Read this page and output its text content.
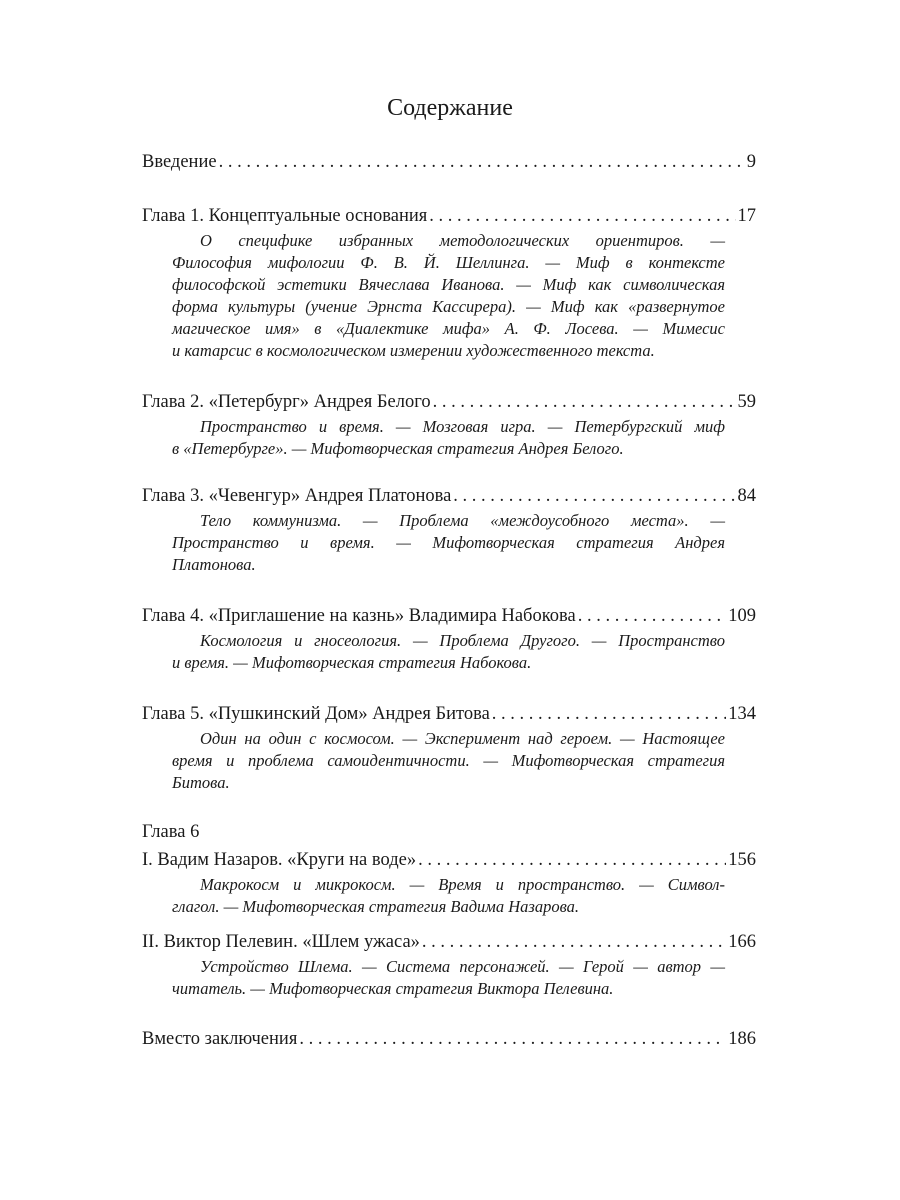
Содержание
Введение . . .	9
Глава 1. Концептуальные основания . . .	17
О специфике избранных методологических ориентиров. —
Философия мифологии Ф. В. Й. Шеллинга. — Миф в контексте
философской эстетики Вячеслава Иванова. — Миф как символическая
форма культуры (учение Эрнста Кассирера). — Миф как «развернутое
магическое имя» в «Диалектике мифа» А. Ф. Лосева. — Мимесис
и катарсис в космологическом измерении художественного текста.
Глава 2. «Петербург» Андрея Белого . . .	59
Пространство и время. — Мозговая игра. — Петербургский миф
в «Петербурге». — Мифотворческая стратегия Андрея Белого.
Глава 3. «Чевенгур» Андрея Платонова . . .	84
Тело коммунизма. — Проблема «междоусобного места». —
Пространство и время. — Мифотворческая стратегия Андрея
Платонова.
Глава 4. «Приглашение на казнь» Владимира Набокова . . .	109
Космология и гносеология. — Проблема Другого. — Пространство
и время. — Мифотворческая стратегия Набокова.
Глава 5. «Пушкинский Дом» Андрея Битова . . .	134
Один на один с космосом. — Эксперимент над героем. — Настоящее
время и проблема самоидентичности. — Мифотворческая стратегия
Битова.
Глава 6
I. Вадим Назаров. «Круги на воде» . . .	156
Макрокосм и микрокосм. — Время и пространство. — Символ-
глагол. — Мифотворческая стратегия Вадима Назарова.
II. Виктор Пелевин. «Шлем ужаса» . . .	166
Устройство Шлема. — Система персонажей. — Герой — автор —
читатель. — Мифотворческая стратегия Виктора Пелевина.
Вместо заключения . . .	186
